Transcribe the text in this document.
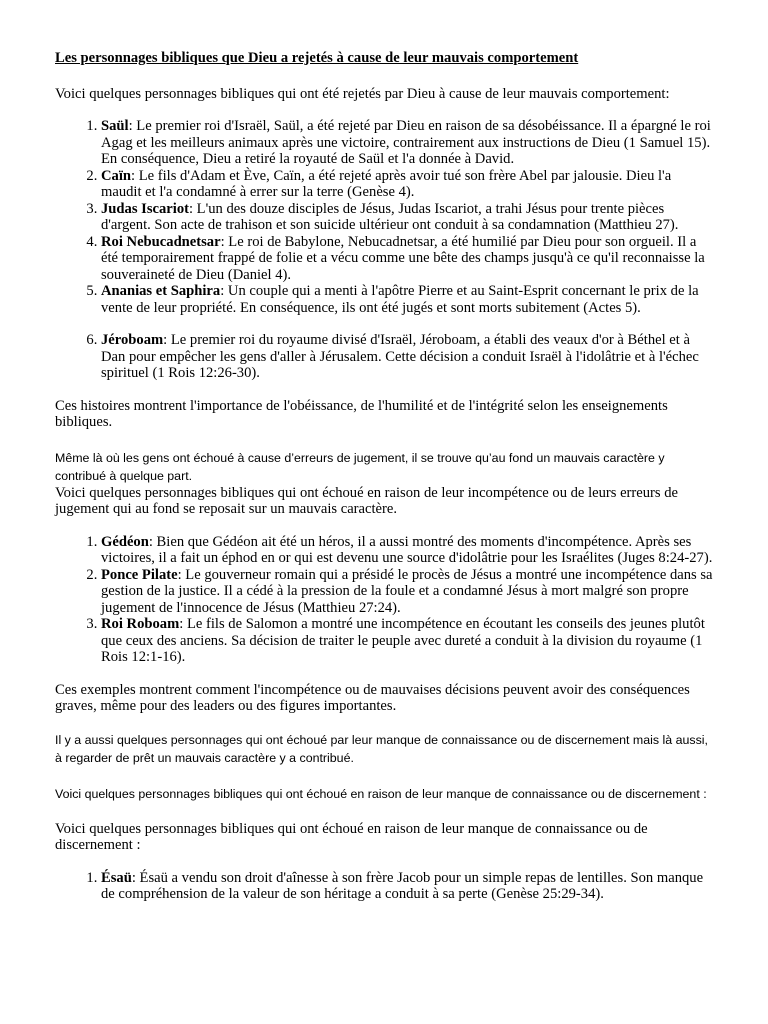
Les personnages bibliques que Dieu a rejetés à cause de leur mauvais comportement

Voici quelques personnages bibliques qui ont été rejetés par Dieu à cause de leur mauvais comportement:

1. Saül: Le premier roi d'Israël, Saül, a été rejeté par Dieu en raison de sa désobéissance. Il a épargné le roi Agag et les meilleurs animaux après une victoire, contrairement aux instructions de Dieu (1 Samuel 15). En conséquence, Dieu a retiré la royauté de Saül et l'a donnée à David.
2. Caïn: Le fils d'Adam et Ève, Caïn, a été rejeté après avoir tué son frère Abel par jalousie. Dieu l'a maudit et l'a condamné à errer sur la terre (Genèse 4).
3. Judas Iscariot: L'un des douze disciples de Jésus, Judas Iscariot, a trahi Jésus pour trente pièces d'argent. Son acte de trahison et son suicide ultérieur ont conduit à sa condamnation (Matthieu 27).
4. Roi Nebucadnetsar: Le roi de Babylone, Nebucadnetsar, a été humilié par Dieu pour son orgueil. Il a été temporairement frappé de folie et a vécu comme une bête des champs jusqu'à ce qu'il reconnaisse la souveraineté de Dieu (Daniel 4).
5. Ananias et Saphira: Un couple qui a menti à l'apôtre Pierre et au Saint-Esprit concernant le prix de la vente de leur propriété. En conséquence, ils ont été jugés et sont morts subitement (Actes 5).
6. Jéroboam: Le premier roi du royaume divisé d'Israël, Jéroboam, a établi des veaux d'or à Béthel et à Dan pour empêcher les gens d'aller à Jérusalem. Cette décision a conduit Israël à l'idolâtrie et à l'échec spirituel (1 Rois 12:26-30).

Ces histoires montrent l'importance de l'obéissance, de l'humilité et de l'intégrité selon les enseignements bibliques.

Même là où les gens ont échoué à cause d’erreurs de jugement, il se trouve qu’au fond un mauvais caractère y contribué à quelque part.

Voici quelques personnages bibliques qui ont échoué en raison de leur incompétence ou de leurs erreurs de jugement qui au fond se reposait sur un mauvais caractère.

1. Gédéon: Bien que Gédéon ait été un héros, il a aussi montré des moments d'incompétence. Après ses victoires, il a fait un éphod en or qui est devenu une source d'idolâtrie pour les Israélites (Juges 8:24-27).
2. Ponce Pilate: Le gouverneur romain qui a présidé le procès de Jésus a montré une incompétence dans sa gestion de la justice. Il a cédé à la pression de la foule et a condamné Jésus à mort malgré son propre jugement de l'innocence de Jésus (Matthieu 27:24).
3. Roi Roboam: Le fils de Salomon a montré une incompétence en écoutant les conseils des jeunes plutôt que ceux des anciens. Sa décision de traiter le peuple avec dureté a conduit à la division du royaume (1 Rois 12:1-16).

Ces exemples montrent comment l'incompétence ou de mauvaises décisions peuvent avoir des conséquences graves, même pour des leaders ou des figures importantes.

Il y a aussi quelques personnages qui ont échoué par leur manque de connaissance ou de discernement mais là aussi, à regarder de prêt un mauvais caractère y a contribué.

Voici quelques personnages bibliques qui ont échoué en raison de leur manque de connaissance ou de discernement :

Voici quelques personnages bibliques qui ont échoué en raison de leur manque de connaissance ou de discernement :

1. Ésaü: Ésaü a vendu son droit d'aînesse à son frère Jacob pour un simple repas de lentilles. Son manque de compréhension de la valeur de son héritage a conduit à sa perte (Genèse 25:29-34).
